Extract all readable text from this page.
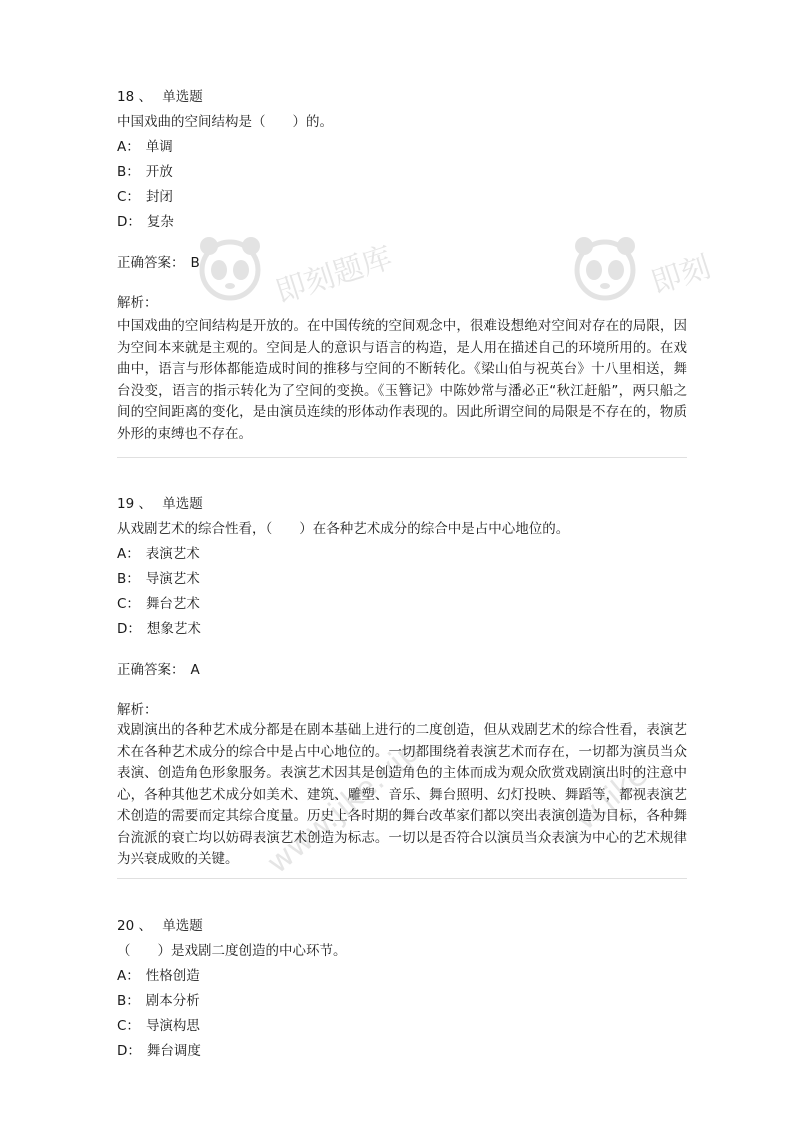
即刻题库	即刻
www.jike.vip	w.jike
18 、 单选题
中国戏曲的空间结构是（　　）的。
A： 单调
B： 开放
C： 封闭
D： 复杂
正确答案： B
解析：
中国戏曲的空间结构是开放的。在中国传统的空间观念中，很难设想绝对空间对存在的局限，因为空间本来就是主观的。空间是人的意识与语言的构造，是人用在描述自己的环境所用的。在戏曲中，语言与形体都能造成时间的推移与空间的不断转化。《梁山伯与祝英台》十八里相送，舞台没变，语言的指示转化为了空间的变换。《玉簪记》中陈妙常与潘必正“秋江赶船”，两只船之间的空间距离的变化，是由演员连续的形体动作表现的。因此所谓空间的局限是不存在的，物质外形的束缚也不存在。
19 、 单选题
从戏剧艺术的综合性看，（　　）在各种艺术成分的综合中是占中心地位的。
A： 表演艺术
B： 导演艺术
C： 舞台艺术
D： 想象艺术
正确答案： A
解析：
戏剧演出的各种艺术成分都是在剧本基础上进行的二度创造，但从戏剧艺术的综合性看，表演艺术在各种艺术成分的综合中是占中心地位的。一切都围绕着表演艺术而存在，一切都为演员当众表演、创造角色形象服务。表演艺术因其是创造角色的主体而成为观众欣赏戏剧演出时的注意中心，各种其他艺术成分如美术、建筑、雕塑、音乐、舞台照明、幻灯投映、舞蹈等，都视表演艺术创造的需要而定其综合度量。历史上各时期的舞台改革家们都以突出表演创造为目标，各种舞台流派的衰亡均以妨碍表演艺术创造为标志。一切以是否符合以演员当众表演为中心的艺术规律为兴衰成败的关键。
20 、 单选题
（　　）是戏剧二度创造的中心环节。
A： 性格创造
B： 剧本分析
C： 导演构思
D： 舞台调度
